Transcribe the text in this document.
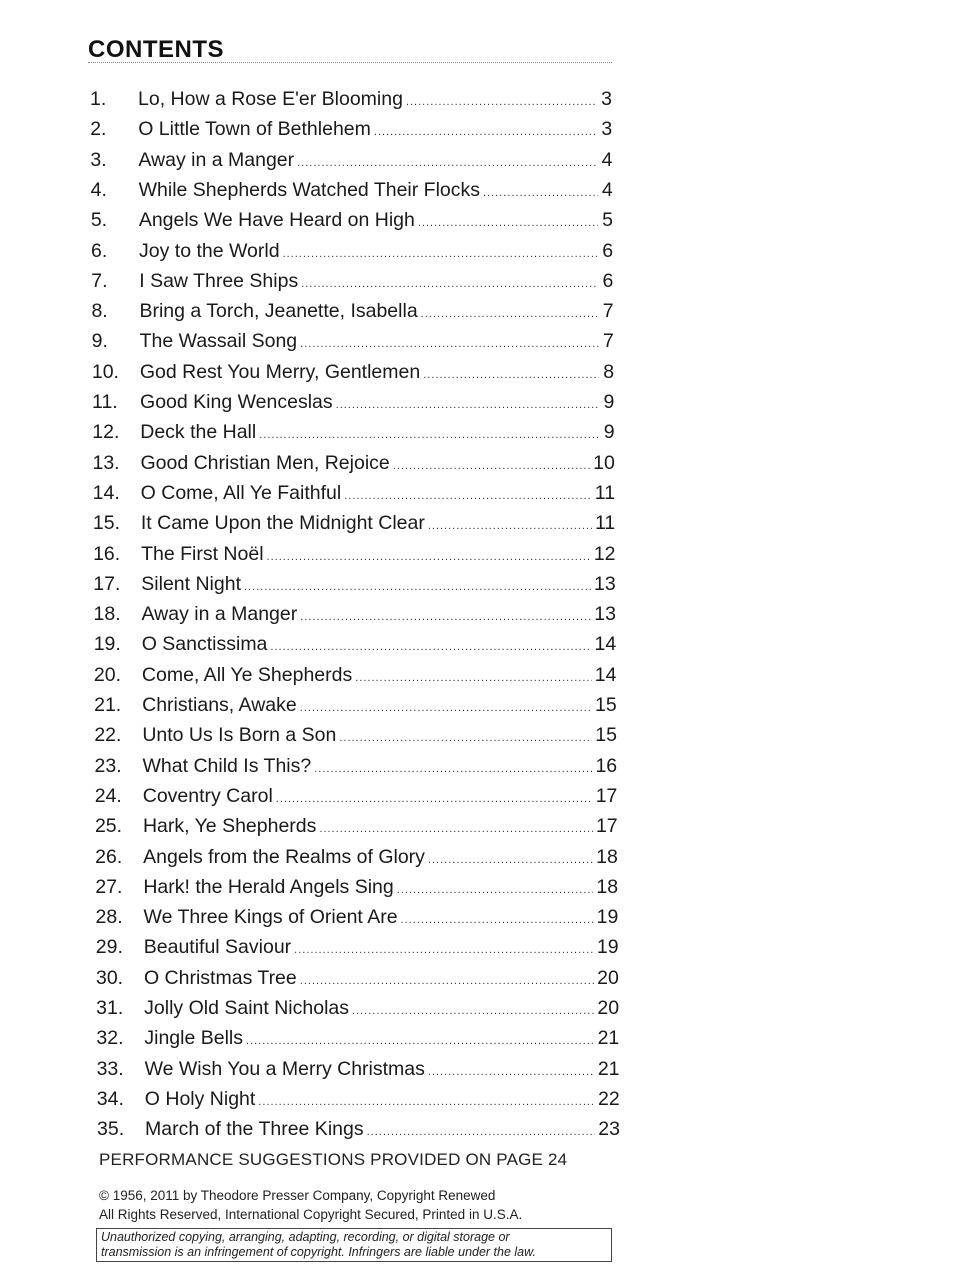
CONTENTS
1.	Lo, How a Rose E'er Blooming .....	3
2.	O Little Town of Bethlehem .....	3
3.	Away in a Manger .....	4
4.	While Shepherds Watched Their Flocks .....	4
5.	Angels We Have Heard on High .....	5
6.	Joy to the World .....	6
7.	I Saw Three Ships .....	6
8.	Bring a Torch, Jeanette, Isabella .....	7
9.	The Wassail Song .....	7
10.	God Rest You Merry, Gentlemen .....	8
11.	Good King Wenceslas .....	9
12.	Deck the Hall .....	9
13.	Good Christian Men, Rejoice .....	10
14.	O Come, All Ye Faithful .....	11
15.	It Came Upon the Midnight Clear .....	11
16.	The First Noël .....	12
17.	Silent Night .....	13
18.	Away in a Manger .....	13
19.	O Sanctissima .....	14
20.	Come, All Ye Shepherds .....	14
21.	Christians, Awake .....	15
22.	Unto Us Is Born a Son .....	15
23.	What Child Is This? .....	16
24.	Coventry Carol .....	17
25.	Hark, Ye Shepherds .....	17
26.	Angels from the Realms of Glory .....	18
27.	Hark! the Herald Angels Sing .....	18
28.	We Three Kings of Orient Are .....	19
29.	Beautiful Saviour .....	19
30.	O Christmas Tree .....	20
31.	Jolly Old Saint Nicholas .....	20
32.	Jingle Bells .....	21
33.	We Wish You a Merry Christmas .....	21
34.	O Holy Night .....	22
35.	March of the Three Kings .....	23
PERFORMANCE SUGGESTIONS PROVIDED ON PAGE 24
© 1956, 2011 by Theodore Presser Company, Copyright Renewed
All Rights Reserved, International Copyright Secured, Printed in U.S.A.
Unauthorized copying, arranging, adapting, recording, or digital storage or
transmission is an infringement of copyright. Infringers are liable under the law.
